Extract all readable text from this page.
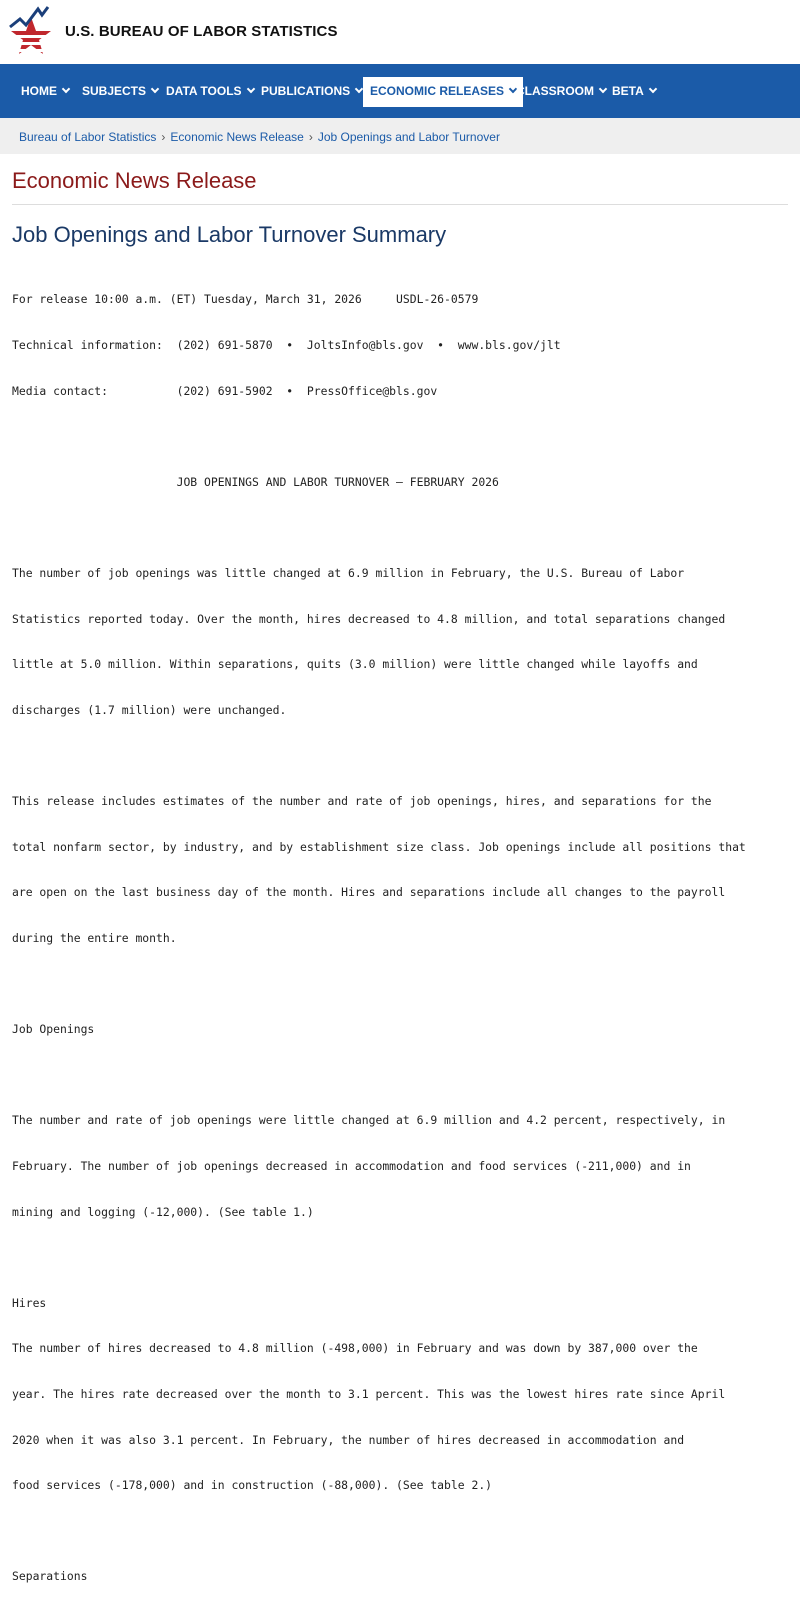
U.S. BUREAU OF LABOR STATISTICS
HOME	SUBJECTS	DATA TOOLS	PUBLICATIONS	ECONOMIC RELEASES CLASSROOM	BETA
Bureau of Labor Statistics › Economic News Release › Job Openings and Labor Turnover
Economic News Release
Job Openings and Labor Turnover Summary

For release 10:00 a.m. (ET) Tuesday, March 31, 2026     USDL-26-0579

Technical information:  (202) 691-5870  •  JoltsInfo@bls.gov  •  www.bls.gov/jlt

Media contact:          (202) 691-5902  •  PressOffice@bls.gov

JOB OPENINGS AND LABOR TURNOVER – FEBRUARY 2026

The number of job openings was little changed at 6.9 million in February, the U.S. Bureau of Labor

Statistics reported today. Over the month, hires decreased to 4.8 million, and total separations changed

little at 5.0 million. Within separations, quits (3.0 million) were little changed while layoffs and

discharges (1.7 million) were unchanged.

This release includes estimates of the number and rate of job openings, hires, and separations for the

total nonfarm sector, by industry, and by establishment size class. Job openings include all positions that

are open on the last business day of the month. Hires and separations include all changes to the payroll

during the entire month.

Job Openings

The number and rate of job openings were little changed at 6.9 million and 4.2 percent, respectively, in

February. The number of job openings decreased in accommodation and food services (-211,000) and in

mining and logging (-12,000). (See table 1.)

Hires

The number of hires decreased to 4.8 million (-498,000) in February and was down by 387,000 over the

year. The hires rate decreased over the month to 3.1 percent. This was the lowest hires rate since April

2020 when it was also 3.1 percent. In February, the number of hires decreased in accommodation and

food services (-178,000) and in construction (-88,000). (See table 2.)

Separations
